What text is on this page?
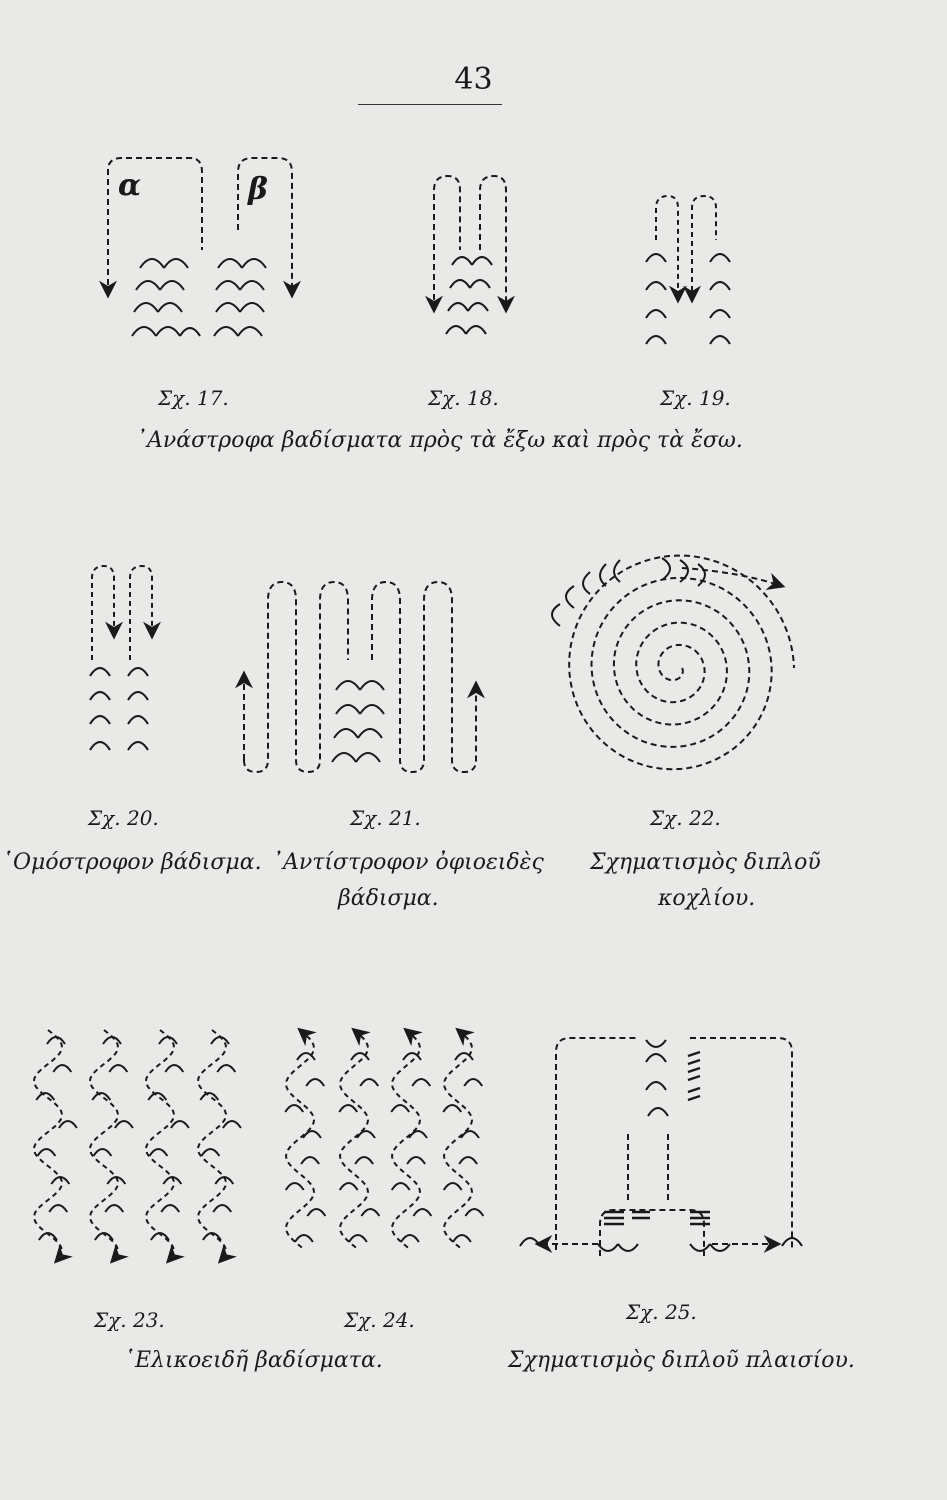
43
Σχ. 17.	Σχ. 18.	Σχ. 19.
᾿Ανάστροφα βαδίσματα πρὸς τὰ ἔξω καὶ πρὸς τὰ ἔσω.
α	β
Σχ. 20.	Σχ. 21.	Σχ. 22.
῾Ομόστροφον βάδισμα. ᾿Αντίστροφον ὀφιοειδὲς
βάδισμα.
Σχηματισμὸς διπλοῦ
κοχλίου.
Σχ. 23.	Σχ. 24.	Σχ. 25.
῾Ελικοειδῆ βαδίσματα.	Σχηματισμὸς διπλοῦ πλαισίου.
